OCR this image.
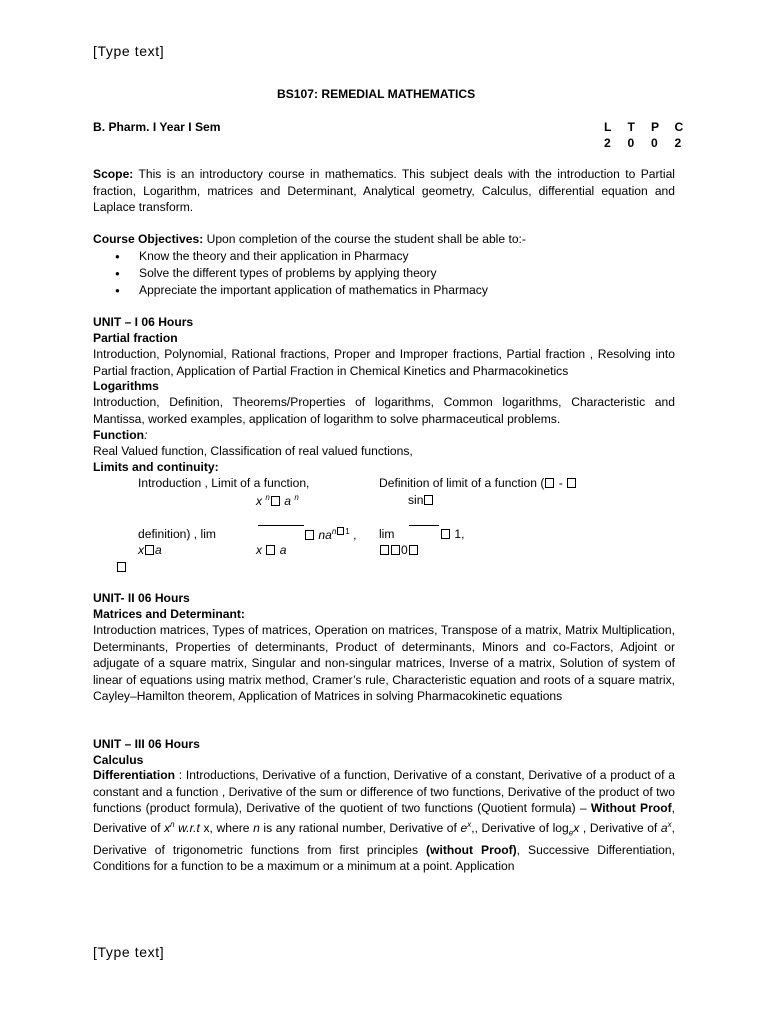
[Type text]
BS107: REMEDIAL MATHEMATICS
B. Pharm. I Year I Sem	L T P C
2 0 0 2
Scope: This is an introductory course in mathematics. This subject deals with the introduction to Partial fraction, Logarithm, matrices and Determinant, Analytical geometry, Calculus, differential equation and Laplace transform.
Course Objectives: Upon completion of the course the student shall be able to:-
● Know the theory and their application in Pharmacy
● Solve the different types of problems by applying theory
● Appreciate the important application of mathematics in Pharmacy
UNIT – I 06 Hours
Partial fraction
Introduction, Polynomial, Rational fractions, Proper and Improper fractions, Partial fraction , Resolving into Partial fraction, Application of Partial Fraction in Chemical Kinetics and Pharmacokinetics
Logarithms
Introduction, Definition, Theorems/Properties of logarithms, Common logarithms, Characteristic and Mantissa, worked examples, application of logarithm to solve pharmaceutical problems.
Function:
Real Valued function, Classification of real valued functions,
Limits and continuity:
Introduction , Limit of a function,	Definition of limit of a function ( -
x $^n$ a $^n$	sin
definition) , lim	$na^n$ $^1$ , lim	1,
x a	x  a	0
UNIT- II 06 Hours
Matrices and Determinant:
Introduction matrices, Types of matrices, Operation on matrices, Transpose of a matrix, Matrix Multiplication, Determinants, Properties of determinants, Product of determinants, Minors and co-Factors, Adjoint or adjugate of a square matrix, Singular and non-singular matrices, Inverse of a matrix, Solution of system of linear of equations using matrix method, Cramer’s rule, Characteristic equation and roots of a square matrix, Cayley–Hamilton theorem, Application of Matrices in solving Pharmacokinetic equations
UNIT – III 06 Hours
Calculus
Differentiation : Introductions, Derivative of a function, Derivative of a constant, Derivative of a product of a constant and a function , Derivative of the sum or difference of two functions, Derivative of the product of two functions (product formula), Derivative of the quotient of two functions (Quotient formula) – Without Proof, Derivative of $x^n$ w.r.t x, where n is any rational number, Derivative of $e^x$,, Derivative of $\log_ex$ , Derivative of $a^x$, Derivative of trigonometric functions from first principles (without Proof), Successive Differentiation, Conditions for a function to be a maximum or a minimum at a point. Application
[Type text]
